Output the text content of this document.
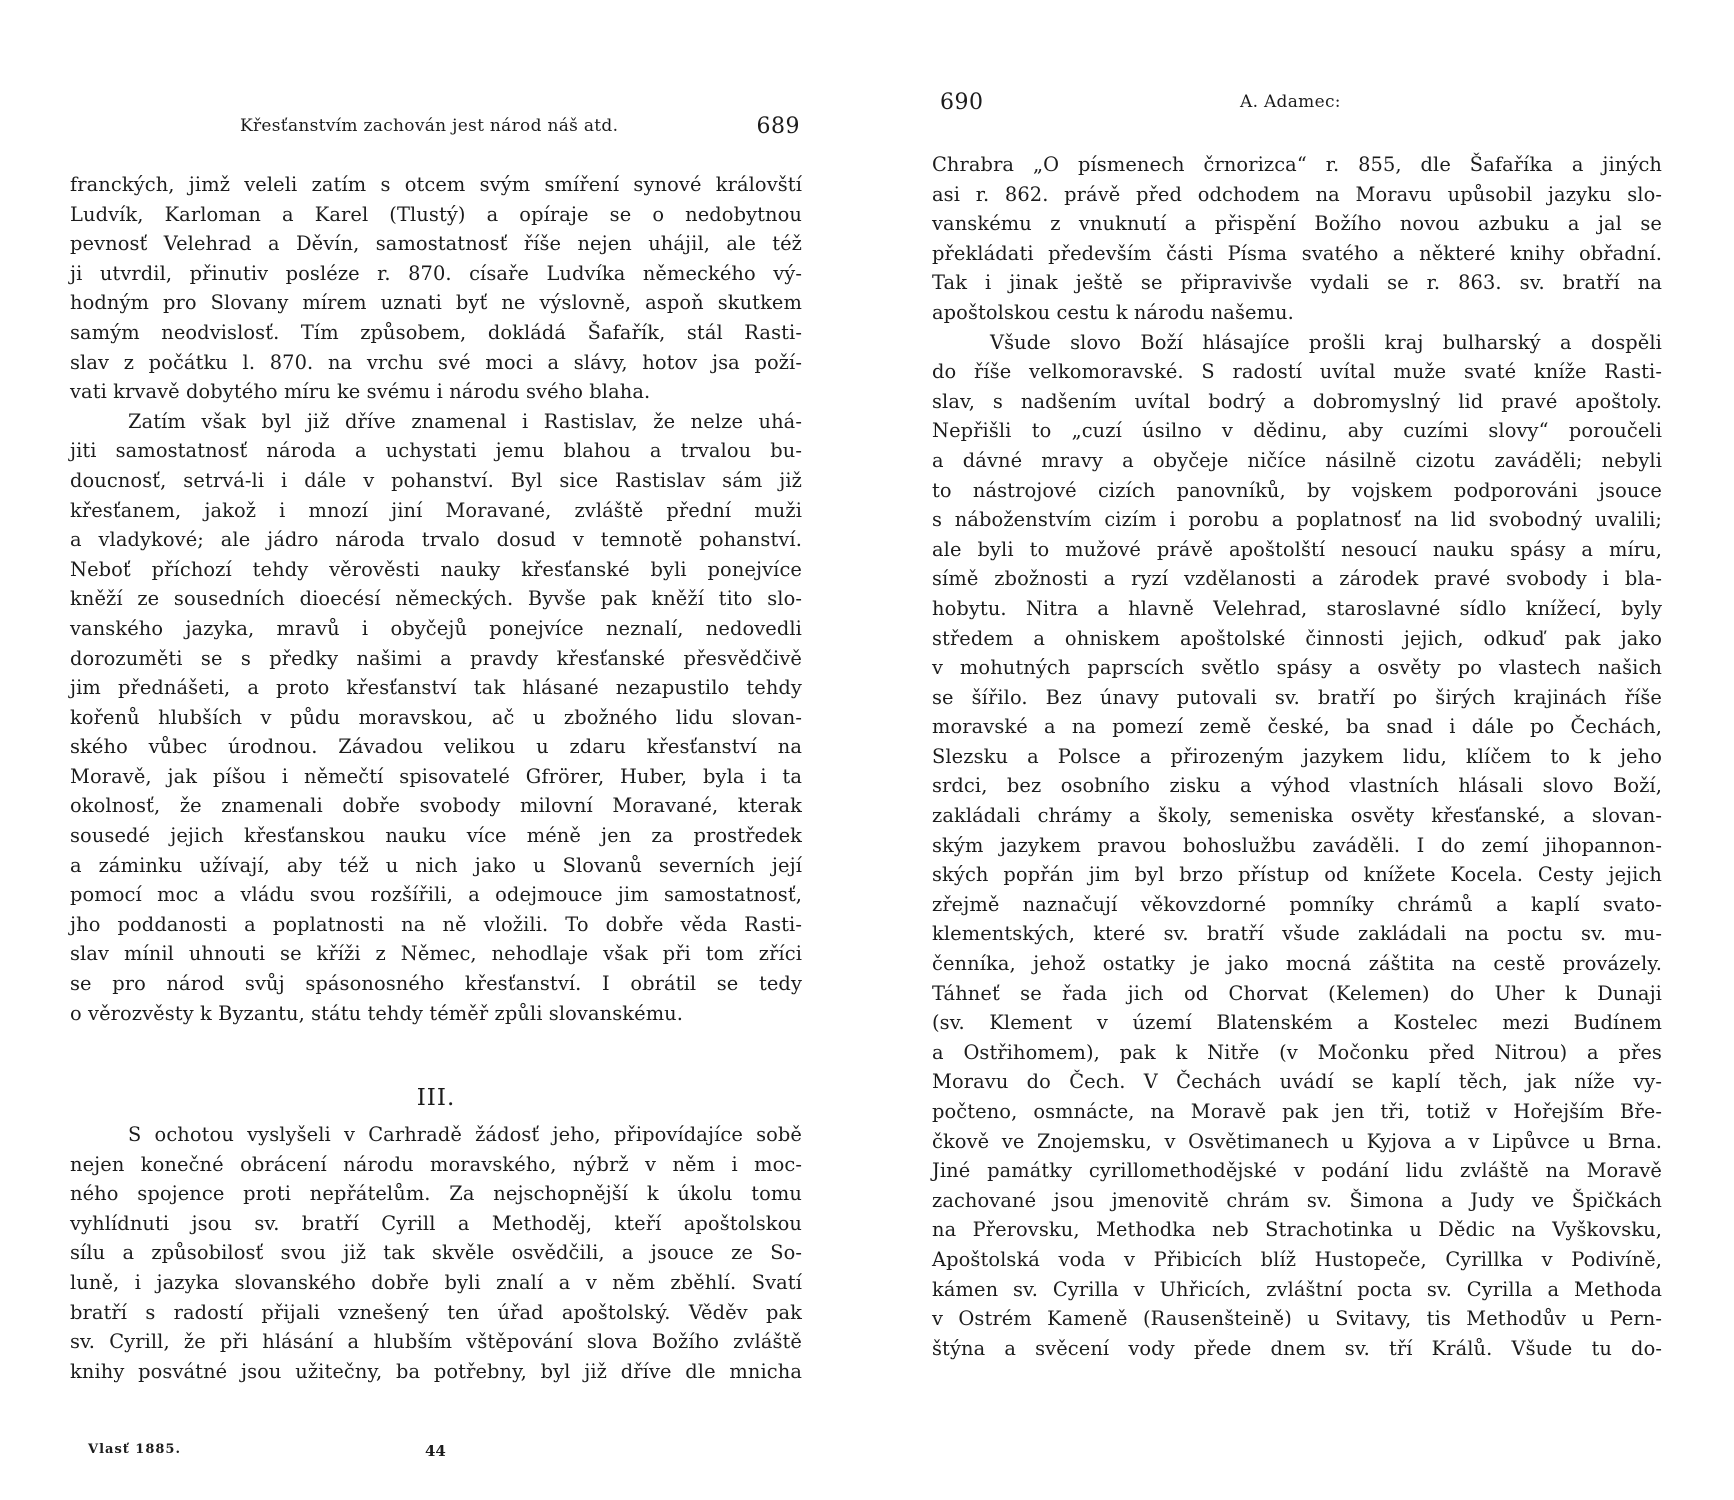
Křesťanstvím zachován jest národ náš atd.	689
franckých, jimž veleli zatím s otcem svým smíření synové královští
Ludvík, Karloman a Karel (Tlustý) a opíraje se o nedobytnou
pevnosť Velehrad a Děvín, samostatnosť říše nejen uhájil, ale též
ji utvrdil, přinutiv posléze r. 870. císaře Ludvíka německého vý-
hodným pro Slovany mírem uznati byť ne výslovně, aspoň skutkem
samým neodvislosť. Tím způsobem, dokládá Šafařík, stál Rasti-
slav z počátku l. 870. na vrchu své moci a slávy, hotov jsa poží-
vati krvavě dobytého míru ke svému i národu svého blaha.
Zatím však byl již dříve znamenal i Rastislav, že nelze uhá-
jiti samostatnosť národa a uchystati jemu blahou a trvalou bu-
doucnosť, setrvá-li i dále v pohanství. Byl sice Rastislav sám již
křesťanem, jakož i mnozí jiní Moravané, zvláště přední muži
a vladykové; ale jádro národa trvalo dosud v temnotě pohanství.
Neboť příchozí tehdy věrověsti nauky křesťanské byli ponejvíce
kněží ze sousedních dioecésí německých. Byvše pak kněží tito slo-
vanského jazyka, mravů i obyčejů ponejvíce neznalí, nedovedli
dorozuměti se s předky našimi a pravdy křesťanské přesvědčivě
jim přednášeti, a proto křesťanství tak hlásané nezapustilo tehdy
kořenů hlubších v půdu moravskou, ač u zbožného lidu slovan-
ského vůbec úrodnou. Závadou velikou u zdaru křesťanství na
Moravě, jak píšou i němečtí spisovatelé Gfrörer, Huber, byla i ta
okolnosť, že znamenali dobře svobody milovní Moravané, kterak
sousedé jejich křesťanskou nauku více méně jen za prostředek
a záminku užívají, aby též u nich jako u Slovanů severních její
pomocí moc a vládu svou rozšířili, a odejmouce jim samostatnosť,
jho poddanosti a poplatnosti na ně vložili. To dobře věda Rasti-
slav mínil uhnouti se kříži z Němec, nehodlaje však při tom zříci
se pro národ svůj spásonosného křesťanství. I obrátil se tedy
o věrozvěsty k Byzantu, státu tehdy téměř způli slovanskému.
III.
S ochotou vyslyšeli v Carhradě žádosť jeho, připovídajíce sobě
nejen konečné obrácení národu moravského, nýbrž v něm i moc-
ného spojence proti nepřátelům. Za nejschopnější k úkolu tomu
vyhlídnuti jsou sv. bratří Cyrill a Methoděj, kteří apoštolskou
sílu a způsobilosť svou již tak skvěle osvědčili, a jsouce ze So-
luně, i jazyka slovanského dobře byli znalí a v něm zběhlí. Svatí
bratří s radostí přijali vznešený ten úřad apoštolský. Věděv pak
sv. Cyrill, že při hlásání a hlubším vštěpování slova Božího zvláště
knihy posvátné jsou užitečny, ba potřebny, byl již dříve dle mnicha
Vlasť 1885.	44
690	A. Adamec:
Chrabra „O písmenech črnorizca“ r. 855, dle Šafaříka a jiných
asi r. 862. právě před odchodem na Moravu upůsobil jazyku slo-
vanskému z vnuknutí a přispění Božího novou azbuku a jal se
překládati především části Písma svatého a některé knihy obřadní.
Tak i jinak ještě se připravivše vydali se r. 863. sv. bratří na
apoštolskou cestu k národu našemu.
Všude slovo Boží hlásajíce prošli kraj bulharský a dospěli
do říše velkomoravské. S radostí uvítal muže svaté kníže Rasti-
slav, s nadšením uvítal bodrý a dobromyslný lid pravé apoštoly.
Nepřišli to „cuzí úsilno v dědinu, aby cuzími slovy“ poroučeli
a dávné mravy a obyčeje ničíce násilně cizotu zaváděli; nebyli
to nástrojové cizích panovníků, by vojskem podporováni jsouce
s náboženstvím cizím i porobu a poplatnosť na lid svobodný uvalili;
ale byli to mužové právě apoštolští nesoucí nauku spásy a míru,
símě zbožnosti a ryzí vzdělanosti a zárodek pravé svobody i bla-
hobytu. Nitra a hlavně Velehrad, staroslavné sídlo knížecí, byly
středem a ohniskem apoštolské činnosti jejich, odkuď pak jako
v mohutných paprscích světlo spásy a osvěty po vlastech našich
se šířilo. Bez únavy putovali sv. bratří po širých krajinách říše
moravské a na pomezí země české, ba snad i dále po Čechách,
Slezsku a Polsce a přirozeným jazykem lidu, klíčem to k jeho
srdci, bez osobního zisku a výhod vlastních hlásali slovo Boží,
zakládali chrámy a školy, semeniska osvěty křesťanské, a slovan-
ským jazykem pravou bohoslužbu zaváděli. I do zemí jihopannon-
ských popřán jim byl brzo přístup od knížete Kocela. Cesty jejich
zřejmě naznačují věkovzdorné pomníky chrámů a kaplí svato-
klementských, které sv. bratří všude zakládali na poctu sv. mu-
čenníka, jehož ostatky je jako mocná záštita na cestě provázely.
Táhneť se řada jich od Chorvat (Kelemen) do Uher k Dunaji
(sv. Klement v území Blatenském a Kostelec mezi Budínem
a Ostřihomem), pak k Nitře (v Močonku před Nitrou) a přes
Moravu do Čech. V Čechách uvádí se kaplí těch, jak níže vy-
počteno, osmnácte, na Moravě pak jen tři, totiž v Hořejším Bře-
čkově ve Znojemsku, v Osvětimanech u Kyjova a v Lipůvce u Brna.
Jiné památky cyrillomethodějské v podání lidu zvláště na Moravě
zachované jsou jmenovitě chrám sv. Šimona a Judy ve Špičkách
na Přerovsku, Methodka neb Strachotinka u Dědic na Vyškovsku,
Apoštolská voda v Přibicích blíž Hustopeče, Cyrillka v Podivíně,
kámen sv. Cyrilla v Uhřicích, zvláštní pocta sv. Cyrilla a Methoda
v Ostrém Kameně (Rausenšteině) u Svitavy, tis Methodův u Pern-
štýna a svěcení vody přede dnem sv. tří Králů. Všude tu do-
